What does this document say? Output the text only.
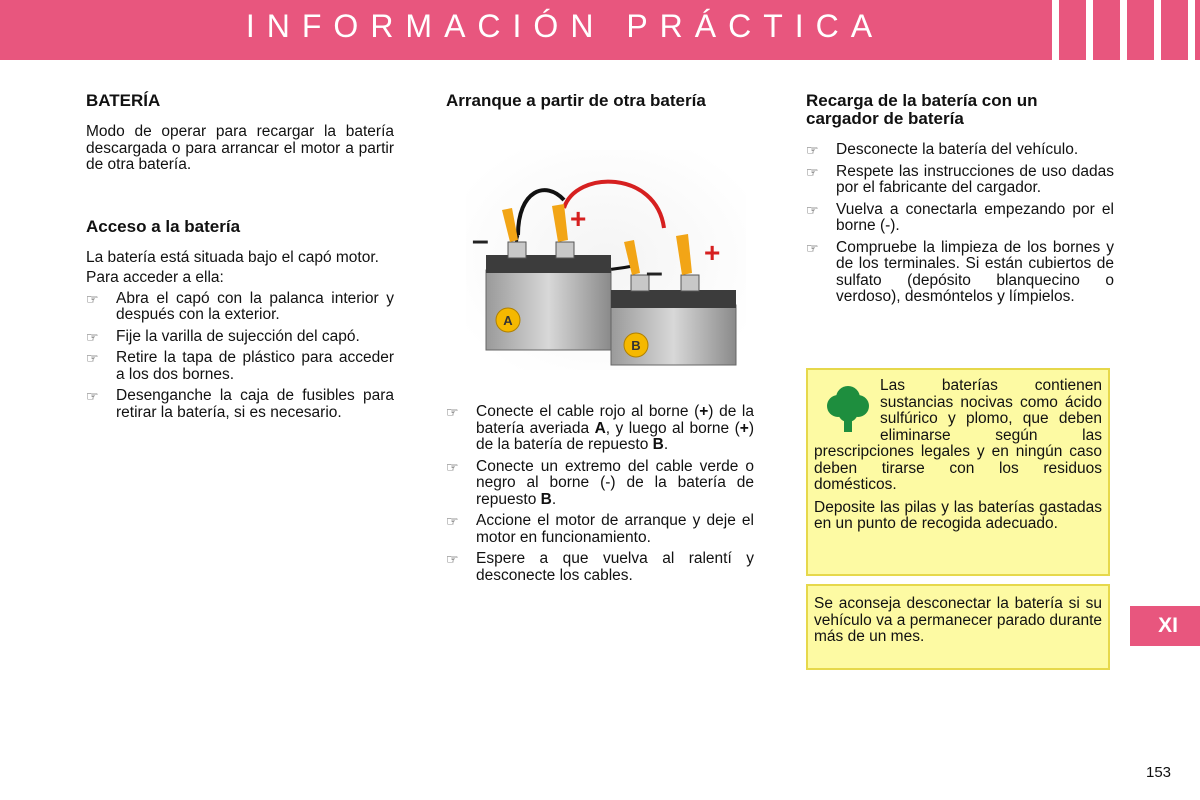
INFORMACIÓN PRÁCTICA
BATERÍA

Modo de operar para recargar la batería descargada o para arrancar el motor a partir de otra batería.

Acceso a la batería

La batería está situada bajo el capó motor.

Para acceder a ella:

☞ Abra el capó con la palanca interior y después con la exterior.
☞ Fije la varilla de sujección del capó.
☞ Retire la tapa de plástico para acceder a los dos bornes.
☞ Desenganche la caja de fusibles para retirar la batería, si es necesario.
Arranque a partir de otra batería
A
B
–
+
–
+
☞ Conecte el cable rojo al borne (+) de la batería averiada A, y luego al borne (+) de la batería de repuesto B.
☞ Conecte un extremo del cable verde o negro al borne (-) de la batería de repuesto B.
☞ Accione el motor de arranque y deje el motor en funcionamiento.
☞ Espere a que vuelva al ralentí y desconecte los cables.
Recarga de la batería con un cargador de batería
☞ Desconecte la batería del vehículo.
☞ Respete las instrucciones de uso dadas por el fabricante del cargador.
☞ Vuelva a conectarla empezando por el borne (-).
☞ Compruebe la limpieza de los bornes y de los terminales. Si están cubiertos de sulfato (depósito blanquecino o verdoso), desmóntelos y límpielos.

Las baterías contienen sustancias nocivas como ácido sulfúrico y plomo, que deben eliminarse según las prescripciones legales y en ningún caso deben tirarse con los residuos domésticos.

Deposite las pilas y las baterías gastadas en un punto de recogida adecuado.

Se aconseja desconectar la batería si su vehículo va a permanecer parado durante más de un mes.	XI
153
